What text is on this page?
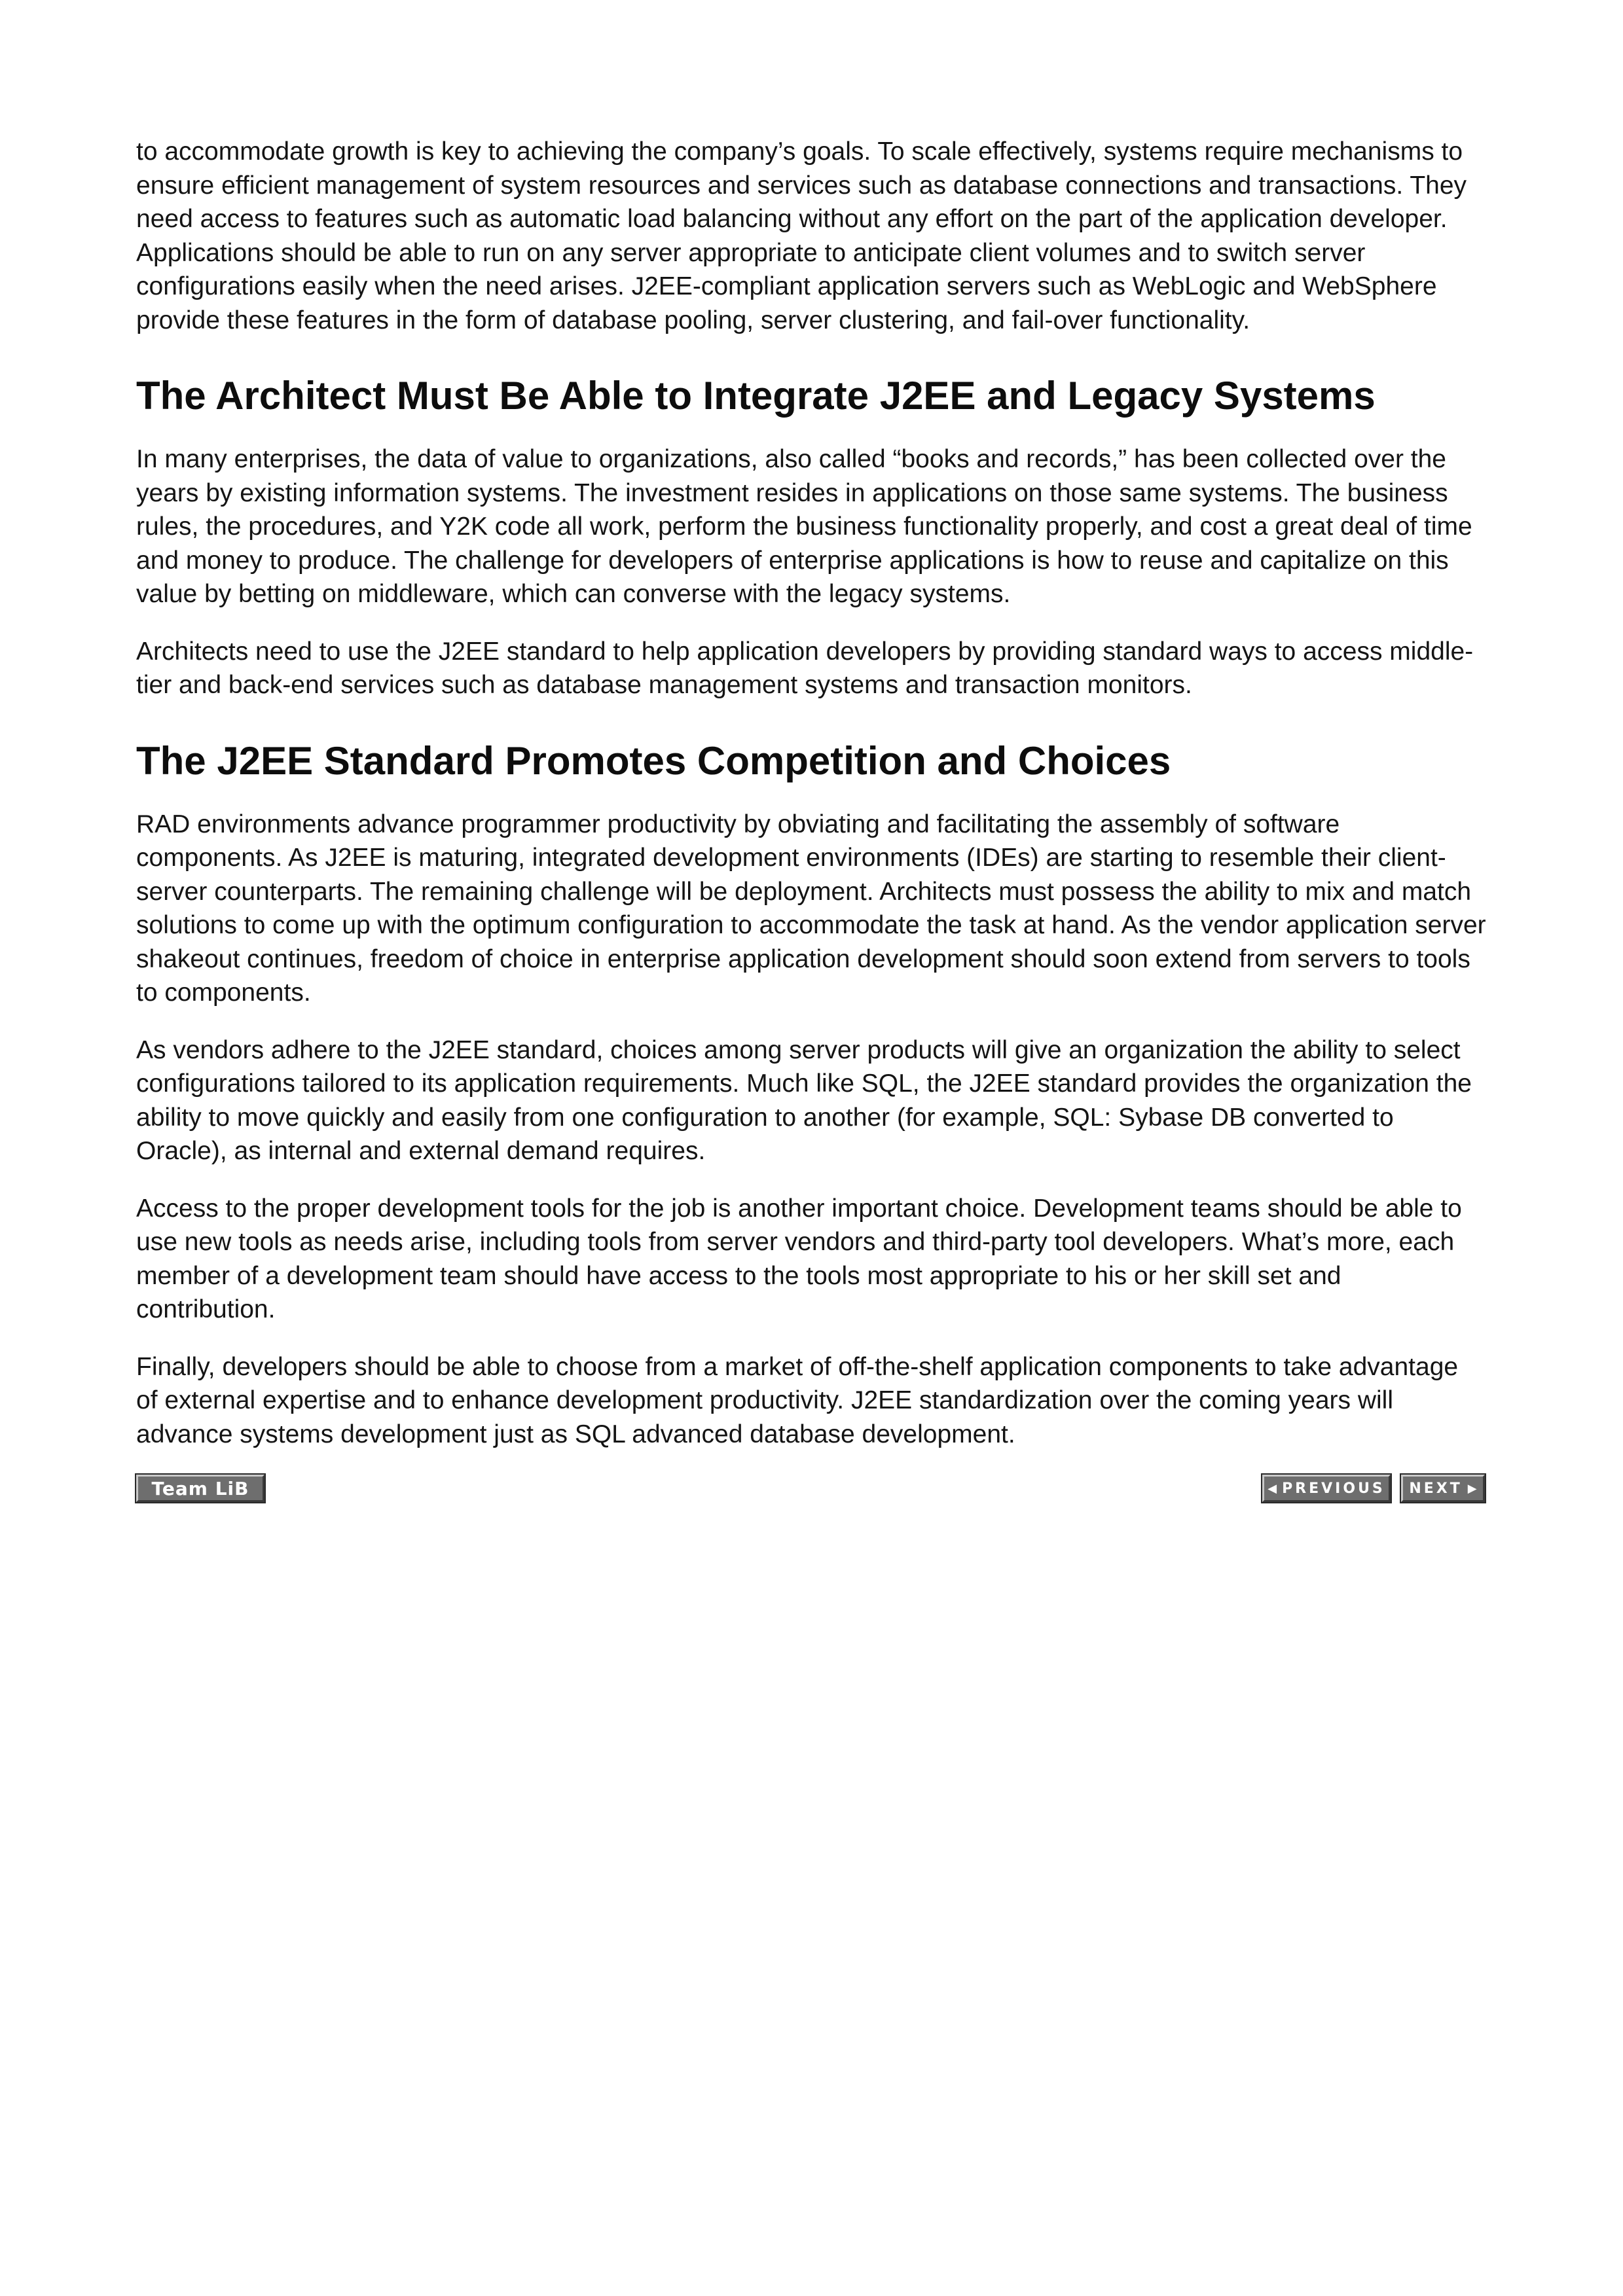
to accommodate growth is key to achieving the company’s goals. To scale effectively, systems require mechanisms to ensure efficient management of system resources and services such as database connections and transactions. They need access to features such as automatic load balancing without any effort on the part of the application developer. Applications should be able to run on any server appropriate to anticipate client volumes and to switch server configurations easily when the need arises. J2EE-compliant application servers such as WebLogic and WebSphere provide these features in the form of database pooling, server clustering, and fail-over functionality.

The Architect Must Be Able to Integrate J2EE and Legacy Systems

In many enterprises, the data of value to organizations, also called “books and records,” has been collected over the years by existing information systems. The investment resides in applications on those same systems. The business rules, the procedures, and Y2K code all work, perform the business functionality properly, and cost a great deal of time and money to produce. The challenge for developers of enterprise applications is how to reuse and capitalize on this value by betting on middleware, which can converse with the legacy systems.

Architects need to use the J2EE standard to help application developers by providing standard ways to access middle-tier and back-end services such as database management systems and transaction monitors.

The J2EE Standard Promotes Competition and Choices

RAD environments advance programmer productivity by obviating and facilitating the assembly of software components. As J2EE is maturing, integrated development environments (IDEs) are starting to resemble their client-server counterparts. The remaining challenge will be deployment. Architects must possess the ability to mix and match solutions to come up with the optimum configuration to accommodate the task at hand. As the vendor application server shakeout continues, freedom of choice in enterprise application development should soon extend from servers to tools to components.

As vendors adhere to the J2EE standard, choices among server products will give an organization the ability to select configurations tailored to its application requirements. Much like SQL, the J2EE standard provides the organization the ability to move quickly and easily from one configuration to another (for example, SQL: Sybase DB converted to Oracle), as internal and external demand requires.

Access to the proper development tools for the job is another important choice. Development teams should be able to use new tools as needs arise, including tools from server vendors and third-party tool developers. What’s more, each member of a development team should have access to the tools most appropriate to his or her skill set and contribution.

Finally, developers should be able to choose from a market of off-the-shelf application components to take advantage of external expertise and to enhance development productivity. J2EE standardization over the coming years will advance systems development just as SQL advanced database development.

Team LiB	◀ PREVIOUS NEXT ▶
